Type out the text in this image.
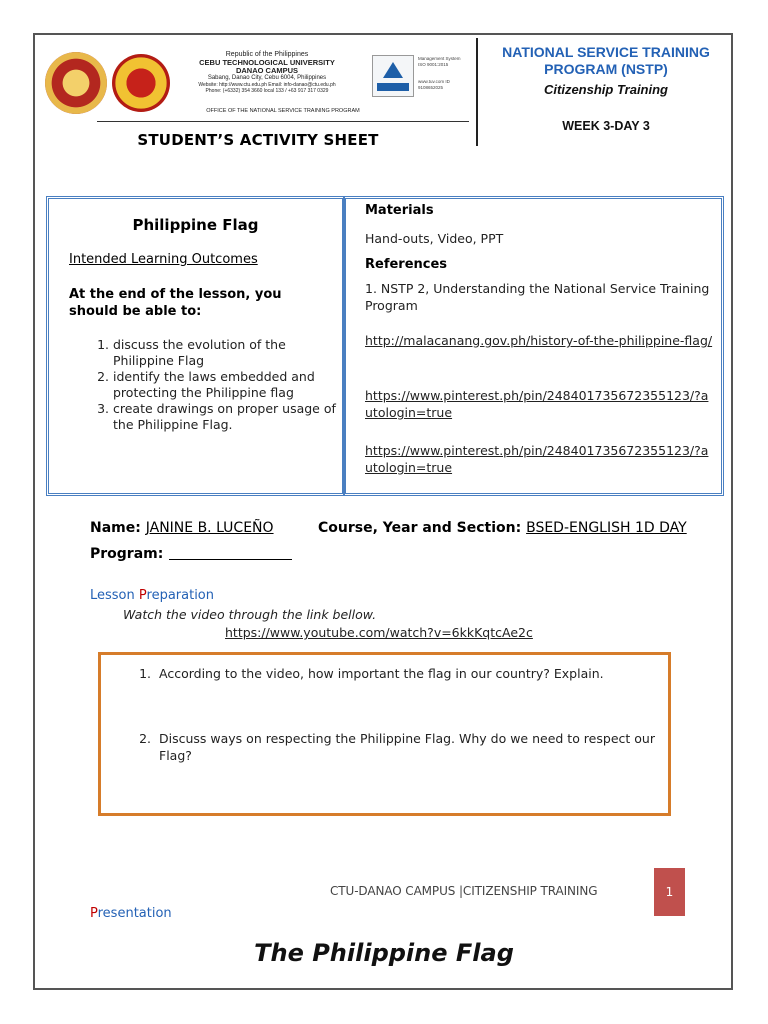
Republic of the Philippines
CEBU TECHNOLOGICAL UNIVERSITY
DANAO CAMPUS
Sabang, Danao City, Cebu 6004, Philippines
Website: http://www.ctu.edu.ph Email: info-danao@ctu.edu.ph
Phone: (+6332) 354 3660 local 133 / +63 917 317 0329
Management System
ISO 9001:2015
www.tuv.com ID 9108652025
OFFICE OF THE NATIONAL SERVICE TRAINING PROGRAM
STUDENT’S ACTIVITY SHEET
NATIONAL SERVICE TRAINING PROGRAM (NSTP)
Citizenship Training
WEEK 3-DAY 3
Philippine Flag
Intended Learning Outcomes
At the end of the lesson, you should be able to:
1. discuss the evolution of the Philippine Flag
2. identify the laws embedded and protecting the Philippine flag
3. create drawings on proper usage of the Philippine Flag.
Materials
Hand-outs, Video, PPT
References
1. NSTP 2, Understanding the National Service Training Program
http://malacanang.gov.ph/history-of-the-philippine-flag/
https://www.pinterest.ph/pin/248401735672355123/?autologin=true
https://www.pinterest.ph/pin/248401735672355123/?autologin=true
Name: JANINE B. LUCEÑO	Course, Year and Section: BSED-ENGLISH 1D DAY
Program:
Lesson Preparation
Watch the video through the link bellow.
https://www.youtube.com/watch?v=6kkKqtcAe2c
1. According to the video, how important the flag in our country? Explain.
2. Discuss ways on respecting the Philippine Flag. Why do we need to respect our Flag?
CTU-DANAO CAMPUS |CITIZENSHIP TRAINING	1
Presentation
The Philippine Flag
